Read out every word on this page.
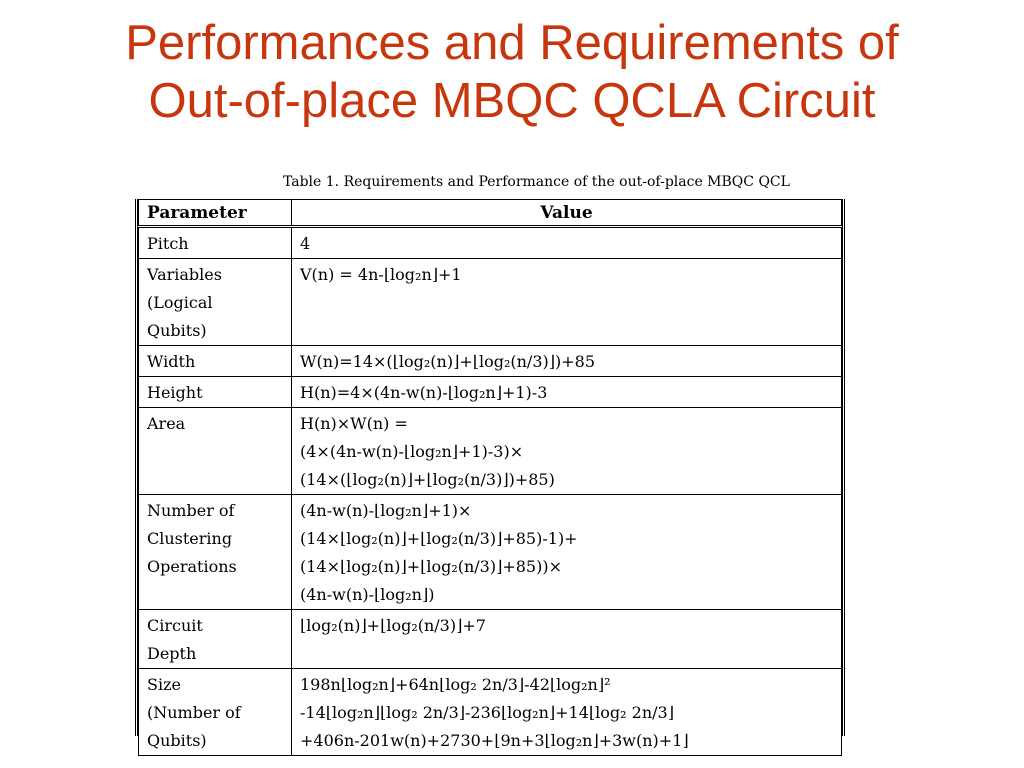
Performances and Requirements of
Out-of-place MBQC QCLA Circuit
Table 1. Requirements and Performance of the out-of-place MBQC QCL
Parameter	Value

Pitch	4

Variables
(Logical
Qubits)	V(n) = 4n-⌊log₂n⌋+1

Width	W(n)=14×(⌊log₂(n)⌋+⌊log₂(n/3)⌋)+85

Height	H(n)=4×(4n-w(n)-⌊log₂n⌋+1)-3

Area	H(n)×W(n) =
(4×(4n-w(n)-⌊log₂n⌋+1)-3)×
(14×(⌊log₂(n)⌋+⌊log₂(n/3)⌋)+85)

Number of
Clustering
Operations	(4n-w(n)-⌊log₂n⌋+1)×
(14×⌊log₂(n)⌋+⌊log₂(n/3)⌋+85)-1)+
(14×⌊log₂(n)⌋+⌊log₂(n/3)⌋+85))×
(4n-w(n)-⌊log₂n⌋)

Circuit
Depth	⌊log₂(n)⌋+⌊log₂(n/3)⌋+7

Size
(Number of
Qubits)	198n⌊log₂n⌋+64n⌊log₂ 2n/3⌋-42⌊log₂n⌋²
-14⌊log₂n⌋⌊log₂ 2n/3⌋-236⌊log₂n⌋+14⌊log₂ 2n/3⌋
+406n-201w(n)+2730+⌊9n+3⌊log₂n⌋+3w(n)+1⌋
